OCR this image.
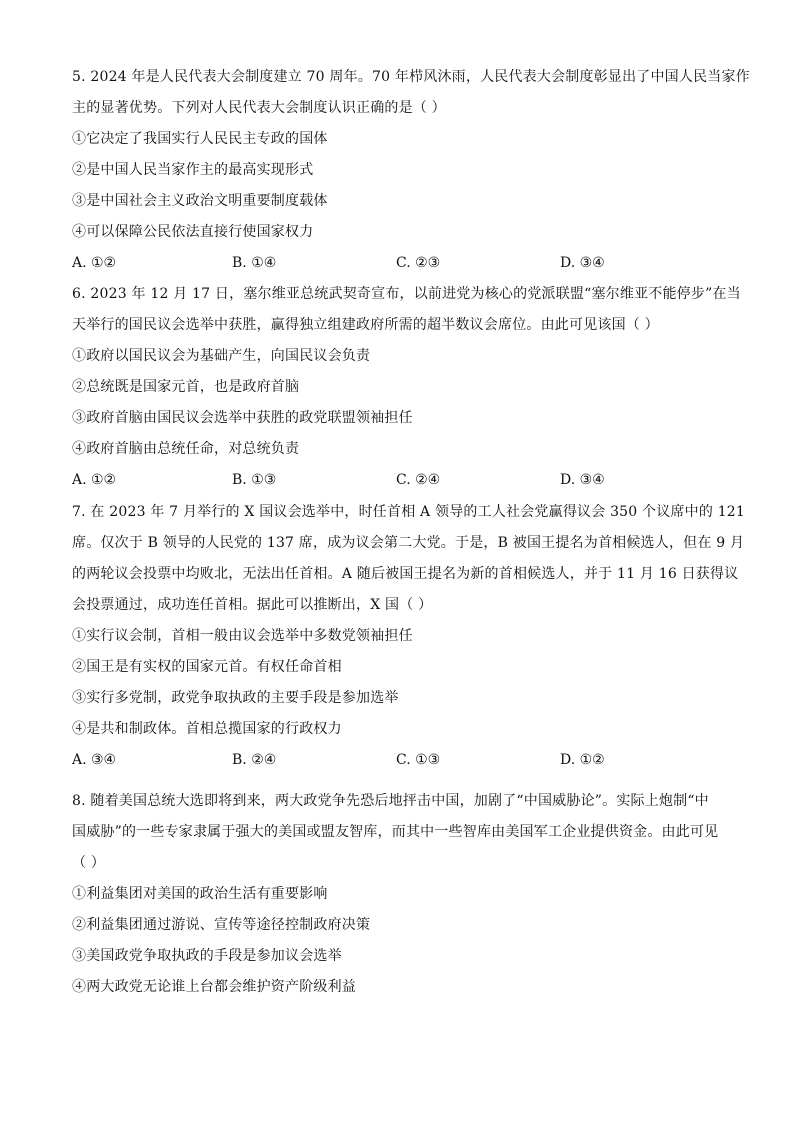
5. 2024 年是人民代表大会制度建立 70 周年。70 年栉风沐雨，人民代表大会制度彰显出了中国人民当家作
主的显著优势。下列对人民代表大会制度认识正确的是（ ）
①它决定了我国实行人民民主专政的国体
②是中国人民当家作主的最高实现形式
③是中国社会主义政治文明重要制度载体
④可以保障公民依法直接行使国家权力
A. ①②	B. ①④	C. ②③	D. ③④
6. 2023 年 12 月 17 日，塞尔维亚总统武契奇宣布，以前进党为核心的党派联盟“塞尔维亚不能停步”在当
天举行的国民议会选举中获胜，赢得独立组建政府所需的超半数议会席位。由此可见该国（ ）
①政府以国民议会为基础产生，向国民议会负责
②总统既是国家元首，也是政府首脑
③政府首脑由国民议会选举中获胜的政党联盟领袖担任
④政府首脑由总统任命，对总统负责
A. ①②	B. ①③	C. ②④	D. ③④
7. 在 2023 年 7 月举行的 X 国议会选举中，时任首相 A 领导的工人社会党赢得议会 350 个议席中的 121
席。仅次于 B 领导的人民党的 137 席，成为议会第二大党。于是，B 被国王提名为首相候选人，但在 9 月
的两轮议会投票中均败北，无法出任首相。A 随后被国王提名为新的首相候选人，并于 11 月 16 日获得议
会投票通过，成功连任首相。据此可以推断出，X 国（ ）
①实行议会制，首相一般由议会选举中多数党领袖担任
②国王是有实权的国家元首。有权任命首相
③实行多党制，政党争取执政的主要手段是参加选举
④是共和制政体。首相总揽国家的行政权力
A. ③④	B. ②④	C. ①③	D. ①②
8. 随着美国总统大选即将到来，两大政党争先恐后地抨击中国，加剧了“中国威胁论”。实际上炮制“中
国威胁”的一些专家隶属于强大的美国或盟友智库，而其中一些智库由美国军工企业提供资金。由此可见
（ ）
①利益集团对美国的政治生活有重要影响
②利益集团通过游说、宣传等途径控制政府决策
③美国政党争取执政的手段是参加议会选举
④两大政党无论谁上台都会维护资产阶级利益
